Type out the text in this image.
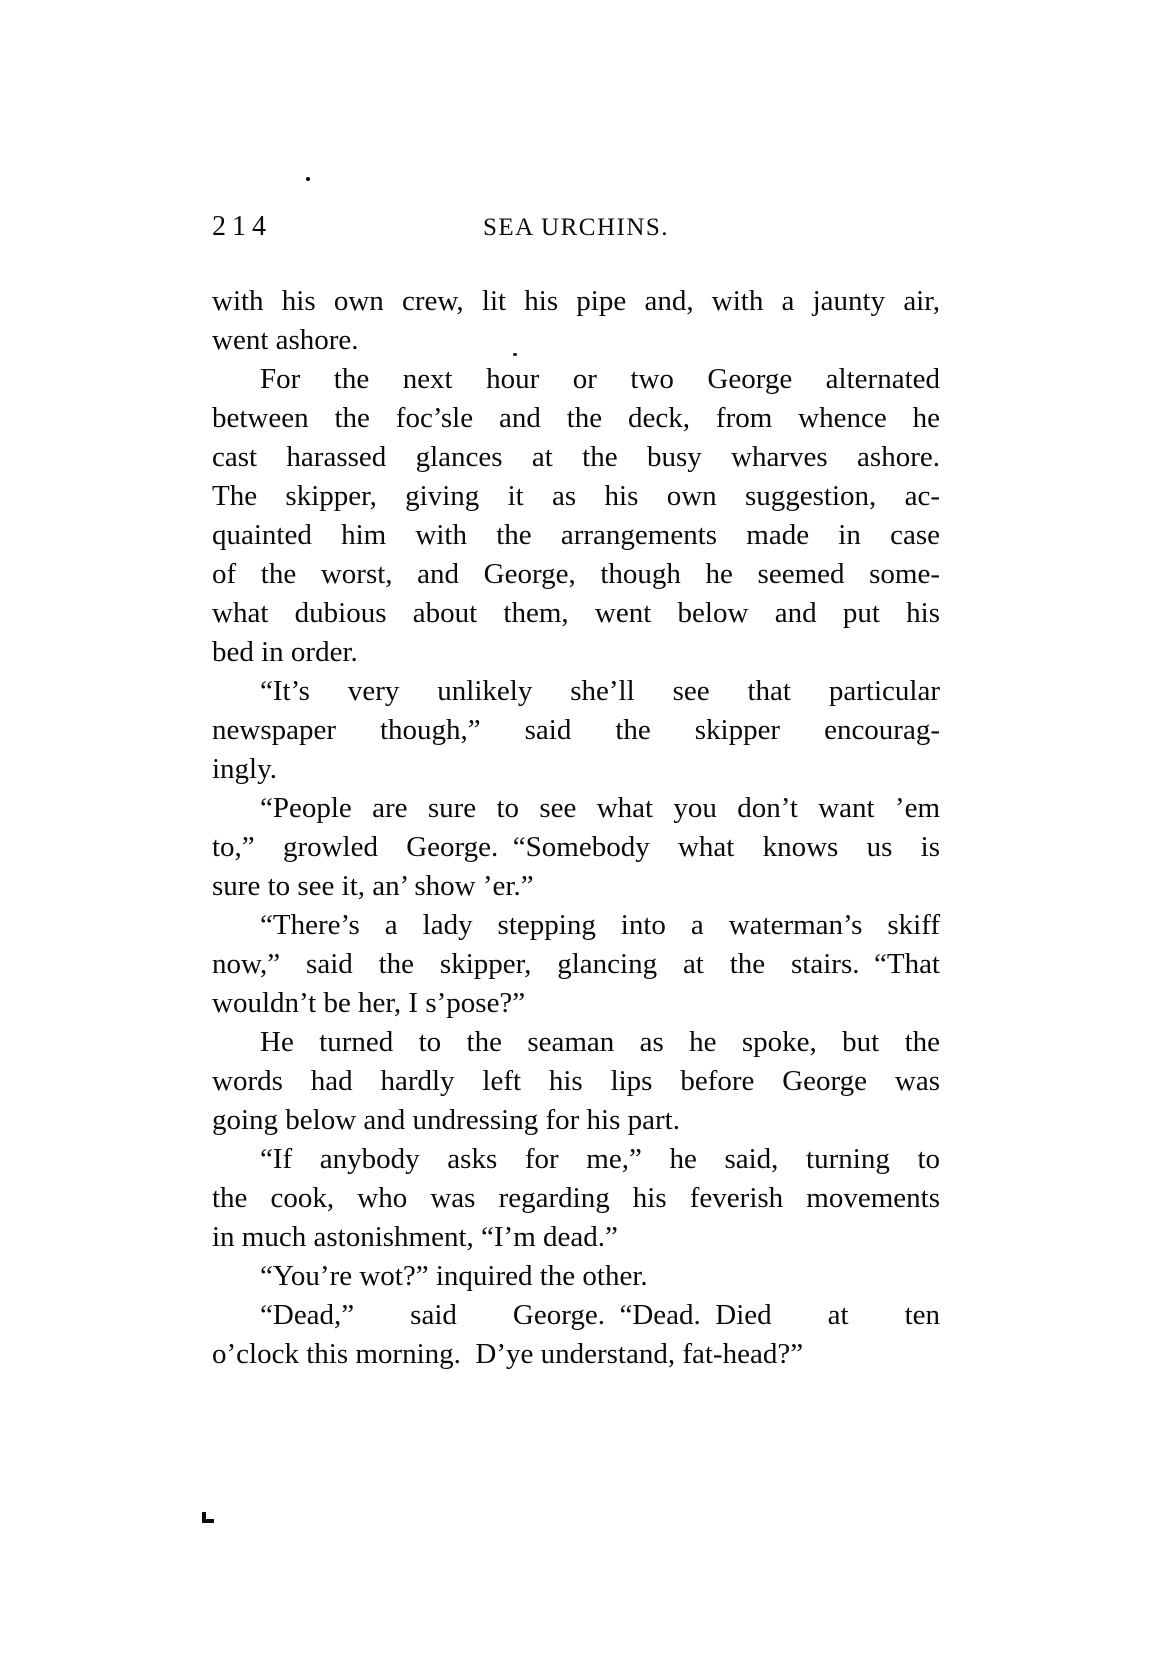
214	SEA URCHINS.
with his own crew, lit his pipe and, with a jaunty air,
went ashore.
For the next hour or two George alternated
between the foc’sle and the deck, from whence he
cast harassed glances at the busy wharves ashore.
The skipper, giving it as his own suggestion, ac-
quainted him with the arrangements made in case
of the worst, and George, though he seemed some-
what dubious about them, went below and put his
bed in order.
“It’s very unlikely she’ll see that particular
newspaper though,” said the skipper encourag-
ingly.
“People are sure to see what you don’t want ’em
to,” growled George. “Somebody what knows us is
sure to see it, an’ show ’er.”
“There’s a lady stepping into a waterman’s skiff
now,” said the skipper, glancing at the stairs. “That
wouldn’t be her, I s’pose?”
He turned to the seaman as he spoke, but the
words had hardly left his lips before George was
going below and undressing for his part.
“If anybody asks for me,” he said, turning to
the cook, who was regarding his feverish movements
in much astonishment, “I’m dead.”
“You’re wot?” inquired the other.
“Dead,” said George. “Dead. Died at ten
o’clock this morning. D’ye understand, fat-head?”
